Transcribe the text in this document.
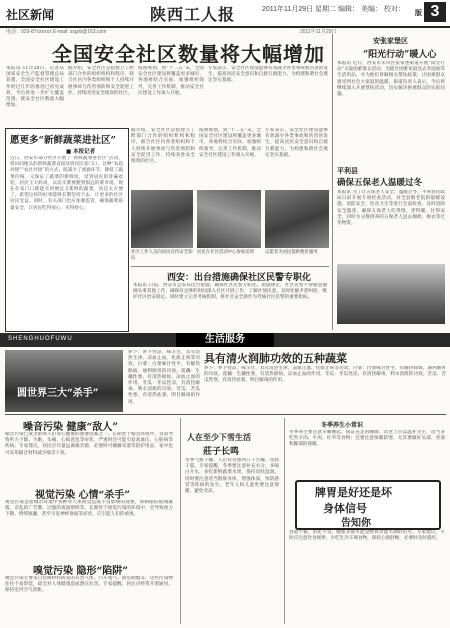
社区新闻	陕西工人报	2011年11月29日 星期二 编辑： 美编： 校对：	3
版
电话：029-87xxxxxx E-mail: sxgrb@163.com	2011年11月29日
全国安全社区数量将大幅增加
本报讯 11月28日，记者从国家安全生产监督管理总局获悉，全国安全社区建设工作经过几年的推进已初见成效，今后将进一步扩大覆盖范围，使安全社区数量大幅增加。
据介绍，安全社区是指建立了跨部门合作的组织机构和程序，联合社区内各类组织和个人持续开展事故与伤害预防和安全促进工作，持续改进安全绩效的社区。
按照规划，到“十二五”末，全国安全社区建设将覆盖更多城市，各地将结合实际，加强组织领导，完善工作机制，推动安全社区建设工作深入开展。
专家表示，安全社区建设能够有效减少各类事故和伤害的发生，提高居民安全意识和自救互救能力，为构建和谐社会奠定坚实基础。
安张家堡区
“阳光行动”暖人心
本报讯 近日，西安市未央区张家堡街道开展“阳光行动”关爱困难群众活动，为辖区困难家庭送去米面油等生活用品，并为他们讲解相关帮扶政策，让困难群众感受到社会大家庭的温暖。街道负责人表示，今后将继续深入开展帮扶活动，切实解决困难群众的实际问题。
平利县
确保五保老人温暖过冬
本报讯 为了让五保老人安全、温暖过冬，平利县民政局日前开展专项检查活动，对全县敬老院的取暖设施、消防安全、饮食卫生等进行全面检查，及时消除安全隐患，确保五保老人吃得饱、穿得暖、住得安全。同时为分散供养的五保老人送去棉被、棉衣等过冬物资。
愿更多“新鲜蔬菜进社区”
■ 本报记者
近日，西安市部分社区开展了“新鲜蔬菜进社区”活动，将田间地头的新鲜蔬菜直接送到居民家门口。这种“农超对接”“农社对接”的方式，既减少了流通环节，降低了蔬菜价格，又保证了蔬菜的新鲜度，受到居民的普遍欢迎。居民王大妈说，以前买菜要跑到很远的菜市场，现在在家门口就能买到便宜又新鲜的蔬菜，真是太方便了。希望这样的好事能够长期坚持下去，让更多的社区居民受益。同时，有关部门也应加强监管，确保蔬菜质量安全，让居民吃得放心、买得舒心。
据介绍，安全社区是指建立了跨部门合作的组织机构和程序，联合社区内各类组织和个人持续开展事故与伤害预防和安全促进工作，持续改进安全绩效的社区。
按照规划，到“十二五”末，全国安全社区建设将覆盖更多城市，各地将结合实际，加强组织领导，完善工作机制，推动安全社区建设工作深入开展。
专家表示，安全社区建设能够有效减少各类事故和伤害的发生，提高居民安全意识和自救互救能力，为构建和谐社会奠定坚实基础。
社区工作人员向居民宣传安全知识
居民在社区活动中心参加培训	志愿者为居民提供便民服务
西安：出台措施确保社区民警专职化
本报讯 日前，西安市公安局出台措施，确保社区民警专职化。措施规定，社区民警不得随意抽调从事其他工作，确保有足够的时间深入社区开展工作，了解社情民意，及时化解矛盾纠纷，维护社区治安稳定。同时建立完善考核机制，将社区安全感作为考核社区民警的重要指标。
SHENGHUOFUWU	生活服务
圆世界三大“杀手”
萝卜：萝卜性凉，味辛甘，具有清热生津、凉血止血、化痰止咳等功效。白菜：白菜味甘性平，有解热除烦、通利肠胃的功效。莲藕：生藕性寒，有清热除烦、凉血止血的作用。冬瓜：冬瓜性凉，有清热解毒、利水消痰的功效。苦瓜：苦瓜性寒，有清热祛暑、明目解毒的作用。
具有清火润肺功效的五种蔬菜
萝卜：萝卜性凉，味辛甘，具有清热生津、凉血止血、化痰止咳等功效。白菜：白菜味甘性平，有解热除烦、通利肠胃的功效。莲藕：生藕性寒，有清热除烦、凉血止血的作用。冬瓜：冬瓜性凉，有清热解毒、利水消痰的功效。苦瓜：苦瓜性寒，有清热祛暑、明目解毒的作用。
噪音污染 健康“敌人”
噪音污染已成为影响人们身心健康的重要因素之一。长期处于噪音环境中，容易导致听力下降、失眠、头痛、心烦意乱等症状，严重时还可能引发高血压、心脏病等疾病。专家建议，居民应尽量远离噪音源，必要时可佩戴耳塞等防护用品，家中也可采用隔音材料减少噪音干扰。
视觉污染 心情“杀手”
视觉污染是指城市环境中各种对人体视觉造成不良影响的现象，如刺眼的玻璃幕墙、杂乱的广告牌、过强的夜间照明等。长期处于视觉污染的环境中，会导致视力下降、情绪烦躁，甚至引发神经衰弱等症状，应引起人们的重视。
嗅觉污染 隐形“陷阱”
嗅觉污染主要来自装修材料挥发的有害气体、汽车尾气、厨房油烟等，这些污染物往往不易察觉，却会对人体健康造成潜在危害。专家提醒，居民应经常开窗通风，保持室内空气清新。
人在至少下雪生活
莊子长鸣
冬季气候干燥，人们常常感到口干舌燥、皮肤干裂。专家提醒，冬季要注意补充水分，多喝白开水，多吃新鲜蔬菜水果，保持皮肤湿润。同时要注意适当锻炼身体，增强体质，预防感冒等疾病的发生。老年人和儿童更要注意保暖，避免受凉。
冬季养生小常识
冬季养生要注意早睡晚起，保证充足的睡眠；饮食上应以温补为主，适当多吃些羊肉、牛肉、红枣等食物；还要注意保暖防寒，尤其要做好头部、背部和脚部的保暖。
牌胃是好还是坏
身体信号
告知你
食欲不振、消化不良、腹胀等都可能是脾胃功能失调的信号。专家建议，平时应注意饮食规律，少吃生冷辛辣食物，保持心情舒畅，必要时及时就医。
